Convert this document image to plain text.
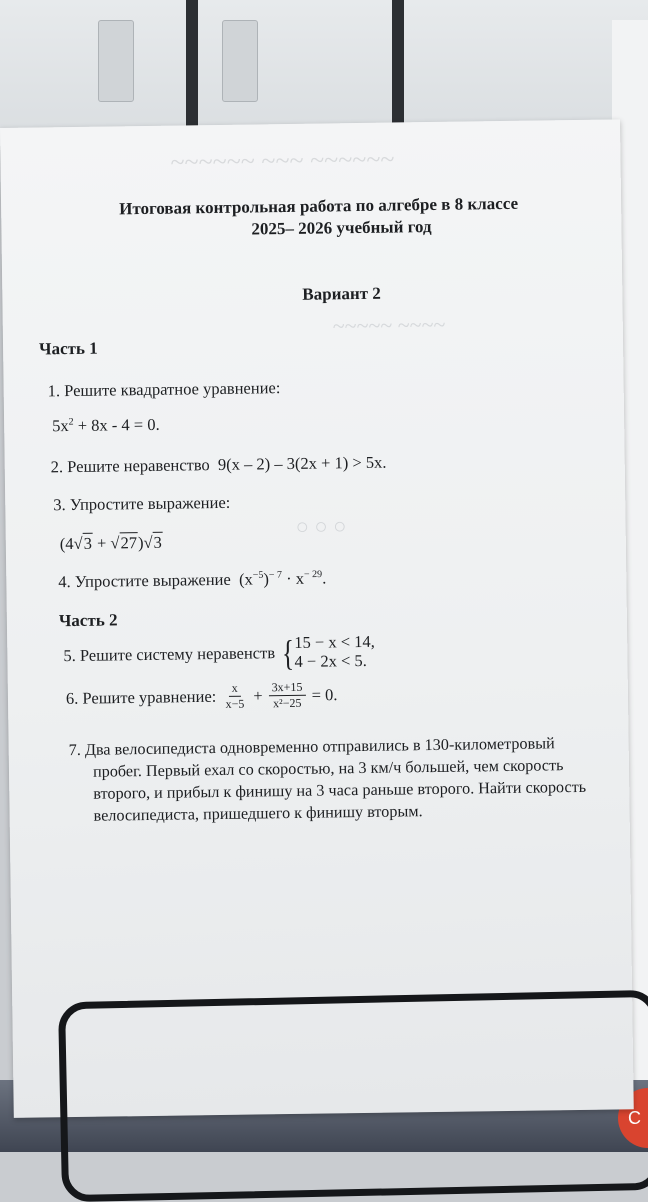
C
~~~~~~ ~~~ ~~~~~~
~~~~~ ~~~~
○ ○ ○
Итоговая контрольная работа по алгебре в 8 классе
2025– 2026 учебный год
Вариант 2
Часть 1
1. Решите квадратное уравнение:
$5x^2 + 8x - 4 = 0$.
2. Решите неравенство 9(x – 2) – 3(2x + 1) > 5x.
3. Упростите выражение:
(4√3 + √27)√3
4. Упростите выражение $(x^{-5})^{- 7} \cdot x^{- 29}$.
Часть 2
5. Решите систему неравенств { 15 − x < 14,
4 − 2x < 5.
6. Решите уравнение: $\frac{x}{x-5} + \frac{3x+15}{\text{x²−25}} = 0$.
7. Два велосипедиста одновременно отправились в 130-километровый
пробег. Первый ехал со скоростью, на 3 км/ч большей, чем скорость
второго, и прибыл к финишу на 3 часа раньше второго. Найти скорость
велосипедиста, пришедшего к финишу вторым.
